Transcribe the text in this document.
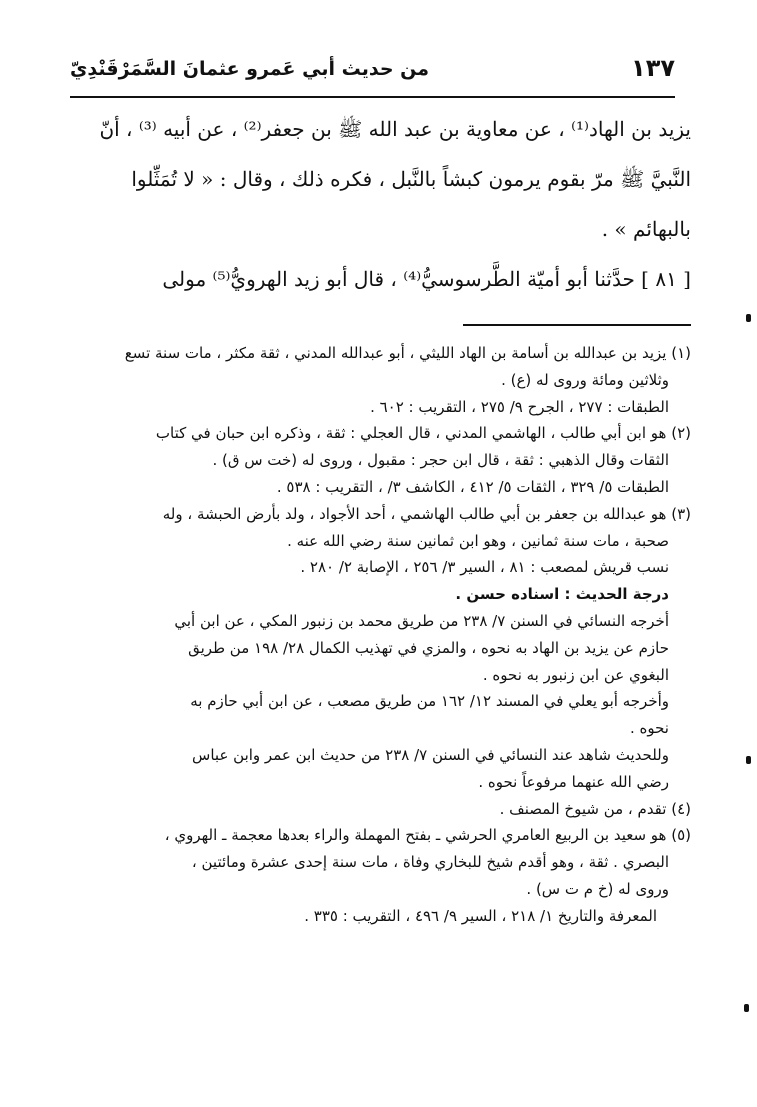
١٣٧
من حديث أبي عَمرو عثمانَ السَّمَرْقَنْدِيّ

يزيد بن الهاد⁽¹⁾ ، عن معاوية بن عبد الله ﷺ بن جعفر⁽²⁾ ، عن أبيه ⁽³⁾ ، أنّ

النَّبيَّ ﷺ مرّ بقوم يرمون كبشاً بالنَّبل ، فكره ذلك ، وقال : « لا تُمَثِّلوا

بالبهائم » .

[ ٨١ ] حدَّثنا أبو أميّة الطَّرسوسيُّ⁽⁴⁾ ، قال أبو زيد الهرويُّ⁽⁵⁾ مولى

(١) يزيد بن عبدالله بن أسامة بن الهاد الليثي ، أبو عبدالله المدني ، ثقة مكثر ، مات سنة تسع
وثلاثين ومائة وروى له (ع) .
الطبقات : ٢٧٧ ، الجرح ٩/ ٢٧٥ ، التقريب : ٦٠٢ .
(٢) هو ابن أبي طالب ، الهاشمي المدني ، قال العجلي : ثقة ، وذكره ابن حبان في كتاب
الثقات وقال الذهبي : ثقة ، قال ابن حجر : مقبول ، وروى له (خت س ق) .
الطبقات ٥/ ٣٢٩ ، الثقات ٥/ ٤١٢ ، الكاشف ٣/ ، التقريب : ٥٣٨ .
(٣) هو عبدالله بن جعفر بن أبي طالب الهاشمي ، أحد الأجواد ، ولد بأرض الحبشة ، وله
صحبة ، مات سنة ثمانين ، وهو ابن ثمانين سنة رضي الله عنه .
نسب قريش لمصعب : ٨١ ، السير ٣/ ٢٥٦ ، الإصابة ٢/ ٢٨٠ .
درجة الحديث : اسناده حسن .
أخرجه النسائي في السنن ٧/ ٢٣٨ من طريق محمد بن زنبور المكي ، عن ابن أبي
حازم عن يزيد بن الهاد به نحوه ، والمزي في تهذيب الكمال ٢٨/ ١٩٨ من طريق
البغوي عن ابن زنبور به نحوه .
وأخرجه أبو يعلي في المسند ١٢/ ١٦٢ من طريق مصعب ، عن ابن أبي حازم به
نحوه .
وللحديث شاهد عند النسائي في السنن ٧/ ٢٣٨ من حديث ابن عمر وابن عباس
رضي الله عنهما مرفوعاً نحوه .
(٤) تقدم ، من شيوخ المصنف .
(٥) هو سعيد بن الربيع العامري الحرشي ـ بفتح المهملة والراء بعدها معجمة ـ الهروي ،
البصري . ثقة ، وهو أقدم شيخ للبخاري وفاة ، مات سنة إحدى عشرة ومائتين ،
وروى له (خ م ت س) .
المعرفة والتاريخ ١/ ٢١٨ ، السير ٩/ ٤٩٦ ، التقريب : ٣٣٥ .
